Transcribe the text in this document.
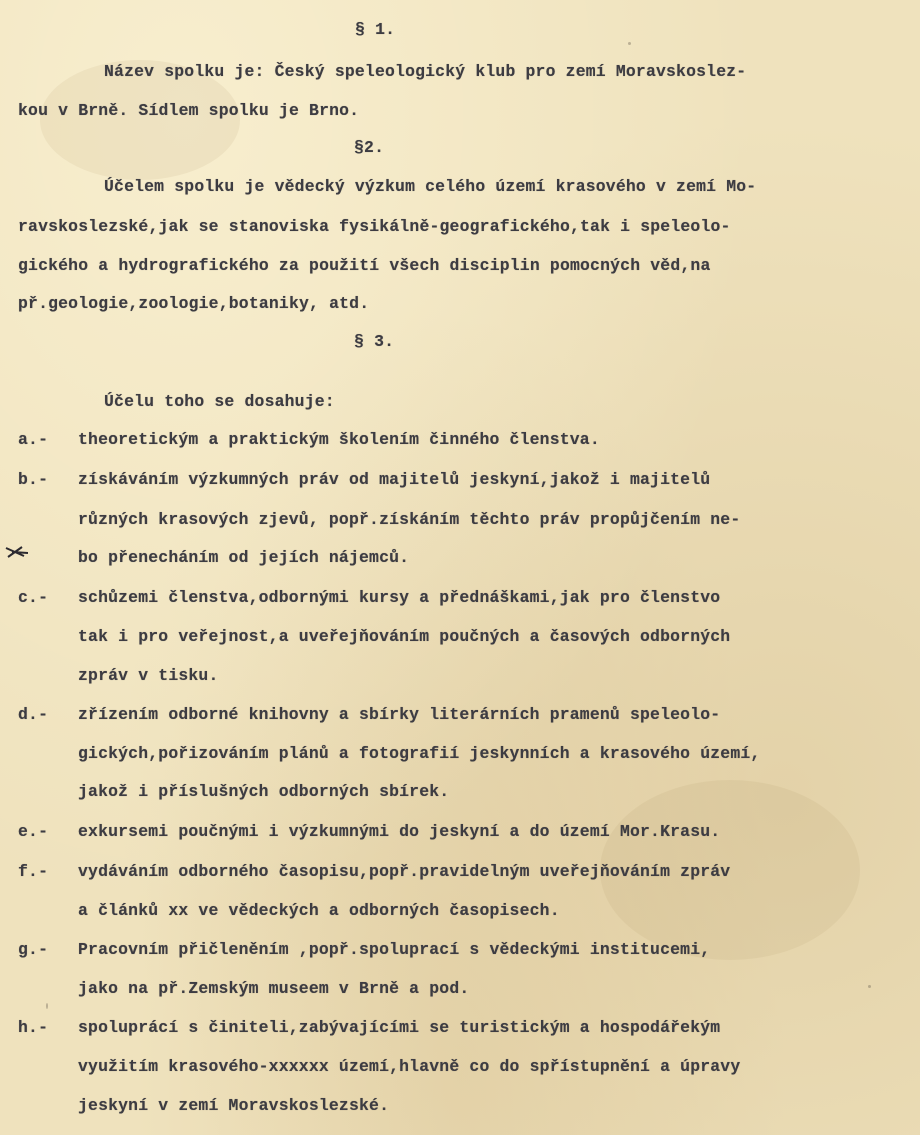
§ 1.
Název spolku je: Český speleologický klub pro zemí Moravskoslez-
kou v Brně. Sídlem spolku je Brno.
§2.
Účelem spolku je vědecký výzkum celého území krasového v zemí Mo-
ravskoslezské,jak se stanoviska fysikálně-geografického,tak i speleolo-
gického a hydrografického za použití všech disciplin pomocných věd,na
př.geologie,zoologie,botaniky, atd.
§ 3.
Účelu toho se dosahuje:
a.- theoretickým a praktickým školením činného členstva.
b.- získáváním výzkumných práv od majitelů jeskyní,jakož i majitelů
různých krasových zjevů, popř.získáním těchto práv propůjčením ne-
bo přenecháním od jejích nájemců.
c.- schůzemi členstva,odbornými kursy a přednáškami,jak pro členstvo
tak i pro veřejnost,a uveřejňováním poučných a časových odborných
zpráv v tisku.
d.- zřízením odborné knihovny a sbírky literárních pramenů speleolo-
gických,pořizováním plánů a fotografií jeskynních a krasového území,
jakož i příslušných odborných sbírek.
e.- exkursemi poučnými i výzkumnými do jeskyní a do území Mor.Krasu.
f.- vydáváním odborného časopisu,popř.pravidelným uveřejňováním zpráv
a článků xx ve vědeckých a odborných časopisech.
g.- Pracovním přičleněním ,popř.spoluprací s vědeckými institucemi,
jako na př.Zemským museem v Brně a pod.
h.- spoluprácí s činiteli,zabývajícími se turistickým a hospodářekým
využitím krasového-xxxxxx území,hlavně co do spřístupnění a úpravy
jeskyní v zemí Moravskoslezské.
